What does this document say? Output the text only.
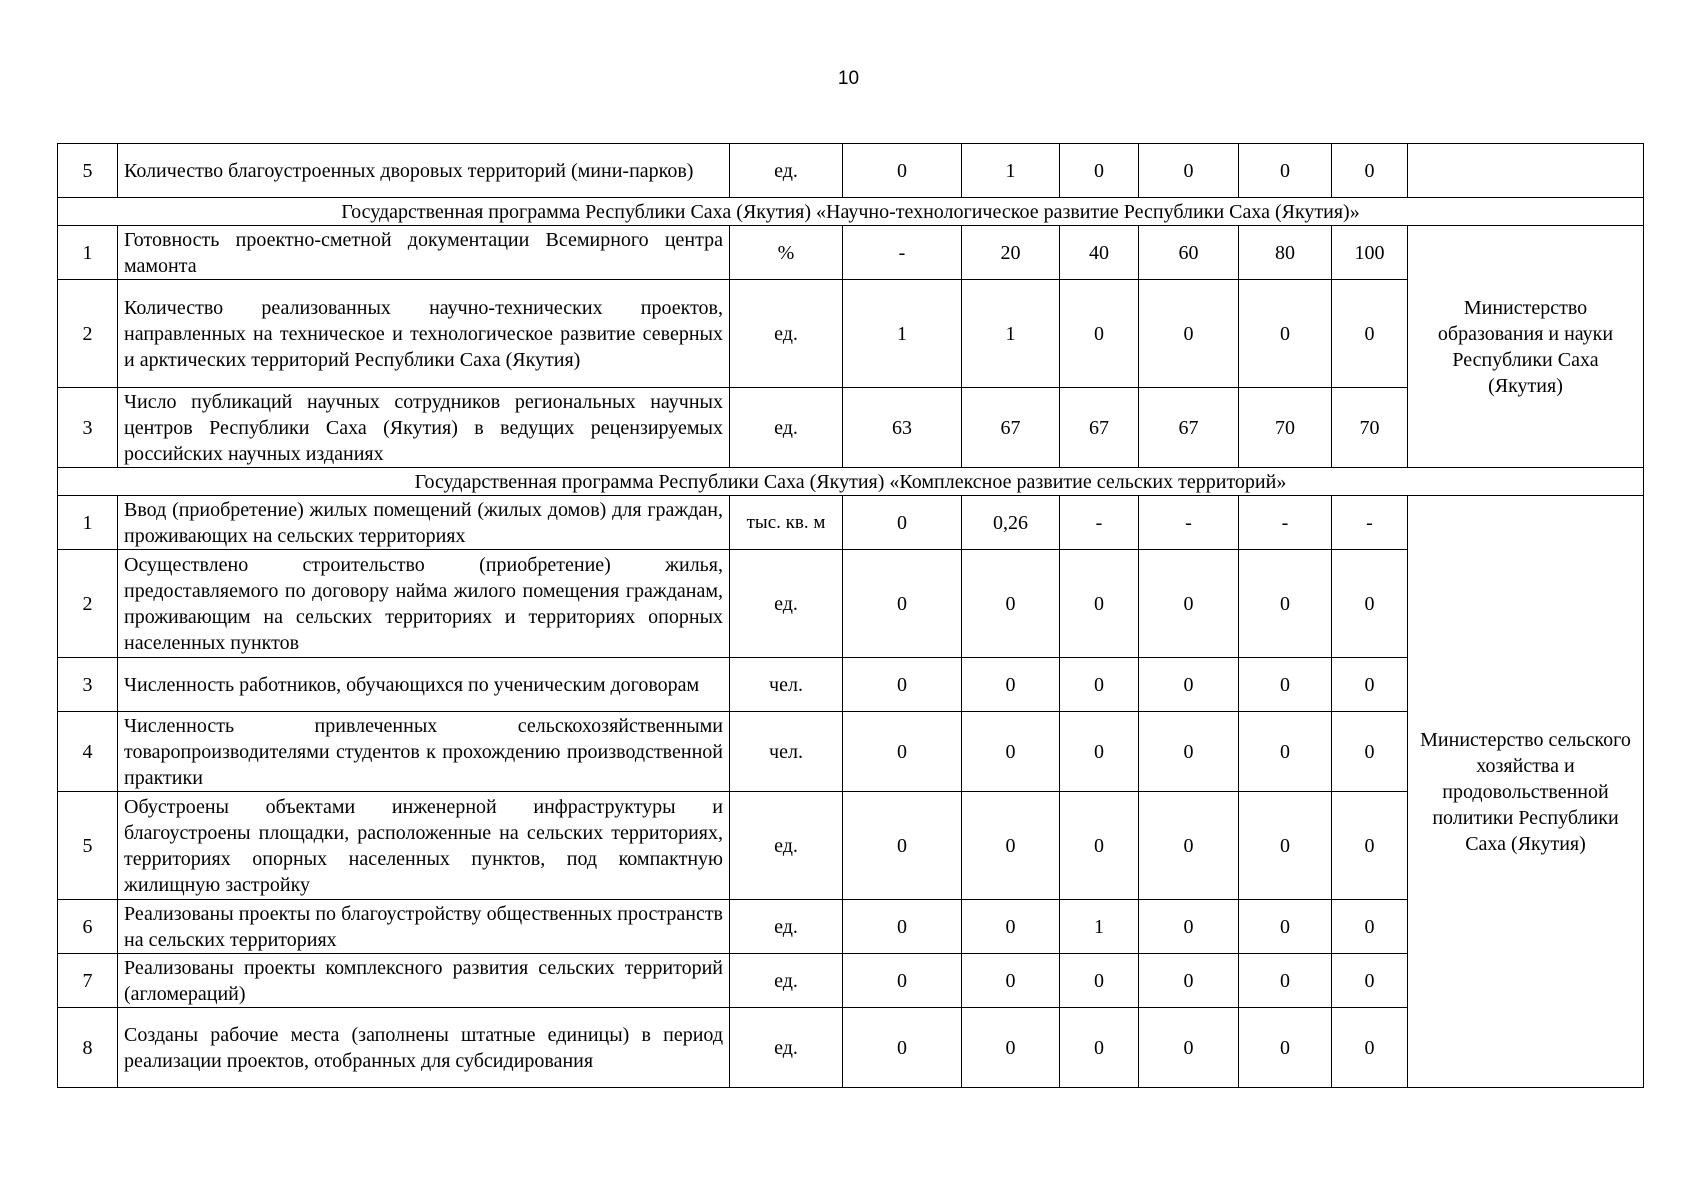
10
5	Количество благоустроенных дворовых территорий (мини-парков)	ед.	0	1	0	0	0	0	
Государственная программа Республики Саха (Якутия) «Научно-технологическое развитие Республики Саха (Якутия)»									
1	Готовность проектно-сметной документации Всемирного центра мамонта	%	-	20	40	60	80	100	Министерство образования и науки Республики Саха (Якутия)
2	Количество реализованных научно-технических проектов, направленных на техническое и технологическое развитие северных и арктических территорий Республики Саха (Якутия)	ед.	1	1	0	0	0	0	
3	Число публикаций научных сотрудников региональных научных центров Республики Саха (Якутия) в ведущих рецензируемых российских научных изданиях	ед.	63	67	67	67	70	70	
Государственная программа Республики Саха (Якутия) «Комплексное развитие сельских территорий»									
1	Ввод (приобретение) жилых помещений (жилых домов) для граждан, проживающих на сельских территориях	тыс. кв. м	0	0,26	-	-	-	-	Министерство сельского хозяйства и продовольственной политики Республики Саха (Якутия)
2	Осуществлено строительство (приобретение) жилья, предоставляемого по договору найма жилого помещения гражданам, проживающим на сельских территориях и территориях опорных населенных пунктов	ед.	0	0	0	0	0	0	
3	Численность работников, обучающихся по ученическим договорам	чел.	0	0	0	0	0	0	
4	Численность привлеченных сельскохозяйственными товаропроизводителями студентов к прохождению производственной практики	чел.	0	0	0	0	0	0	
5	Обустроены объектами инженерной инфраструктуры и благоустроены площадки, расположенные на сельских территориях, территориях опорных населенных пунктов, под компактную жилищную застройку	ед.	0	0	0	0	0	0	
6	Реализованы проекты по благоустройству общественных пространств на сельских территориях	ед.	0	0	1	0	0	0	
7	Реализованы проекты комплексного развития сельских территорий (агломераций)	ед.	0	0	0	0	0	0	
8	Созданы рабочие места (заполнены штатные единицы) в период реализации проектов, отобранных для субсидирования	ед.	0	0	0	0	0	0	
